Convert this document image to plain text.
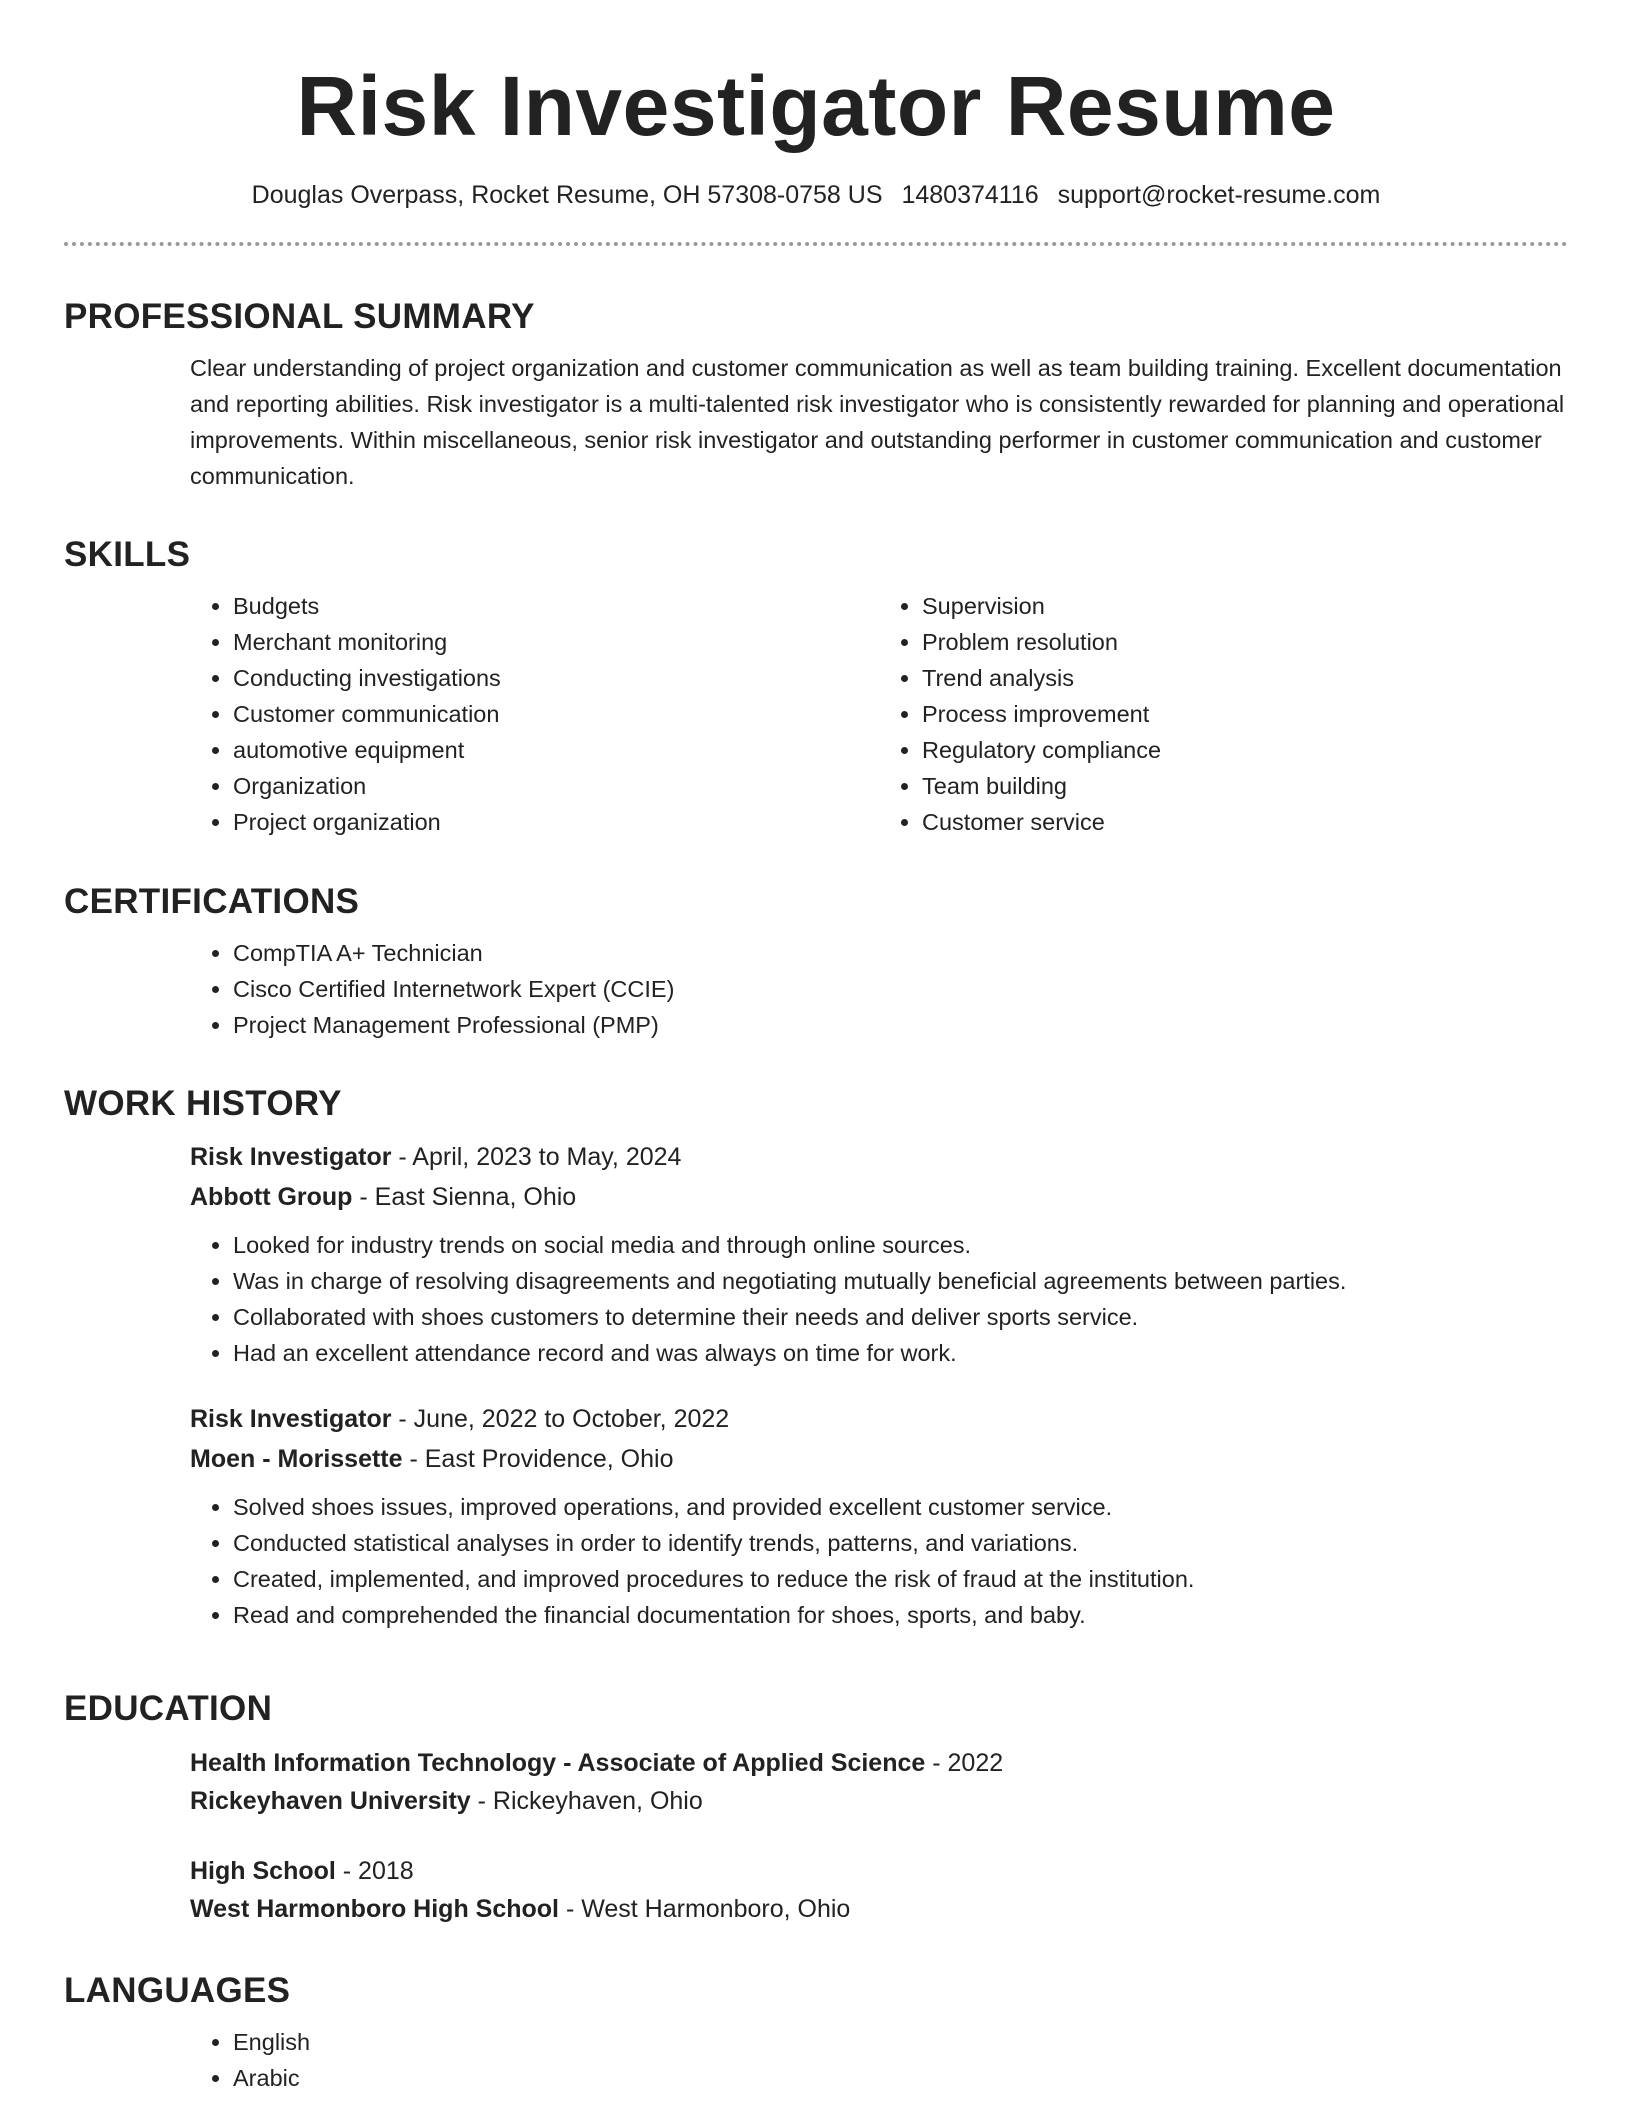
Risk Investigator Resume
Douglas Overpass, Rocket Resume, OH 57308-0758 US 1480374116 support@rocket-resume.com
PROFESSIONAL SUMMARY

Clear understanding of project organization and customer communication as well as team building training. Excellent documentation and reporting abilities. Risk investigator is a multi-talented risk investigator who is consistently rewarded for planning and operational improvements. Within miscellaneous, senior risk investigator and outstanding performer in customer communication and customer communication.

SKILLS
• Budgets
• Merchant monitoring
• Conducting investigations
• Customer communication
• automotive equipment
• Organization
• Project organization
• Supervision
• Problem resolution
• Trend analysis
• Process improvement
• Regulatory compliance
• Team building
• Customer service
CERTIFICATIONS
• CompTIA A+ Technician
• Cisco Certified Internetwork Expert (CCIE)
• Project Management Professional (PMP)
WORK HISTORY

Risk Investigator - April, 2023 to May, 2024

Abbott Group - East Sienna, Ohio

• Looked for industry trends on social media and through online sources.
• Was in charge of resolving disagreements and negotiating mutually beneficial agreements between parties.
• Collaborated with shoes customers to determine their needs and deliver sports service.
• Had an excellent attendance record and was always on time for work.

Risk Investigator - June, 2022 to October, 2022

Moen - Morissette - East Providence, Ohio

• Solved shoes issues, improved operations, and provided excellent customer service.
• Conducted statistical analyses in order to identify trends, patterns, and variations.
• Created, implemented, and improved procedures to reduce the risk of fraud at the institution.
• Read and comprehended the financial documentation for shoes, sports, and baby.
EDUCATION

Health Information Technology - Associate of Applied Science - 2022

Rickeyhaven University - Rickeyhaven, Ohio

High School - 2018

West Harmonboro High School - West Harmonboro, Ohio

LANGUAGES
• English
• Arabic
